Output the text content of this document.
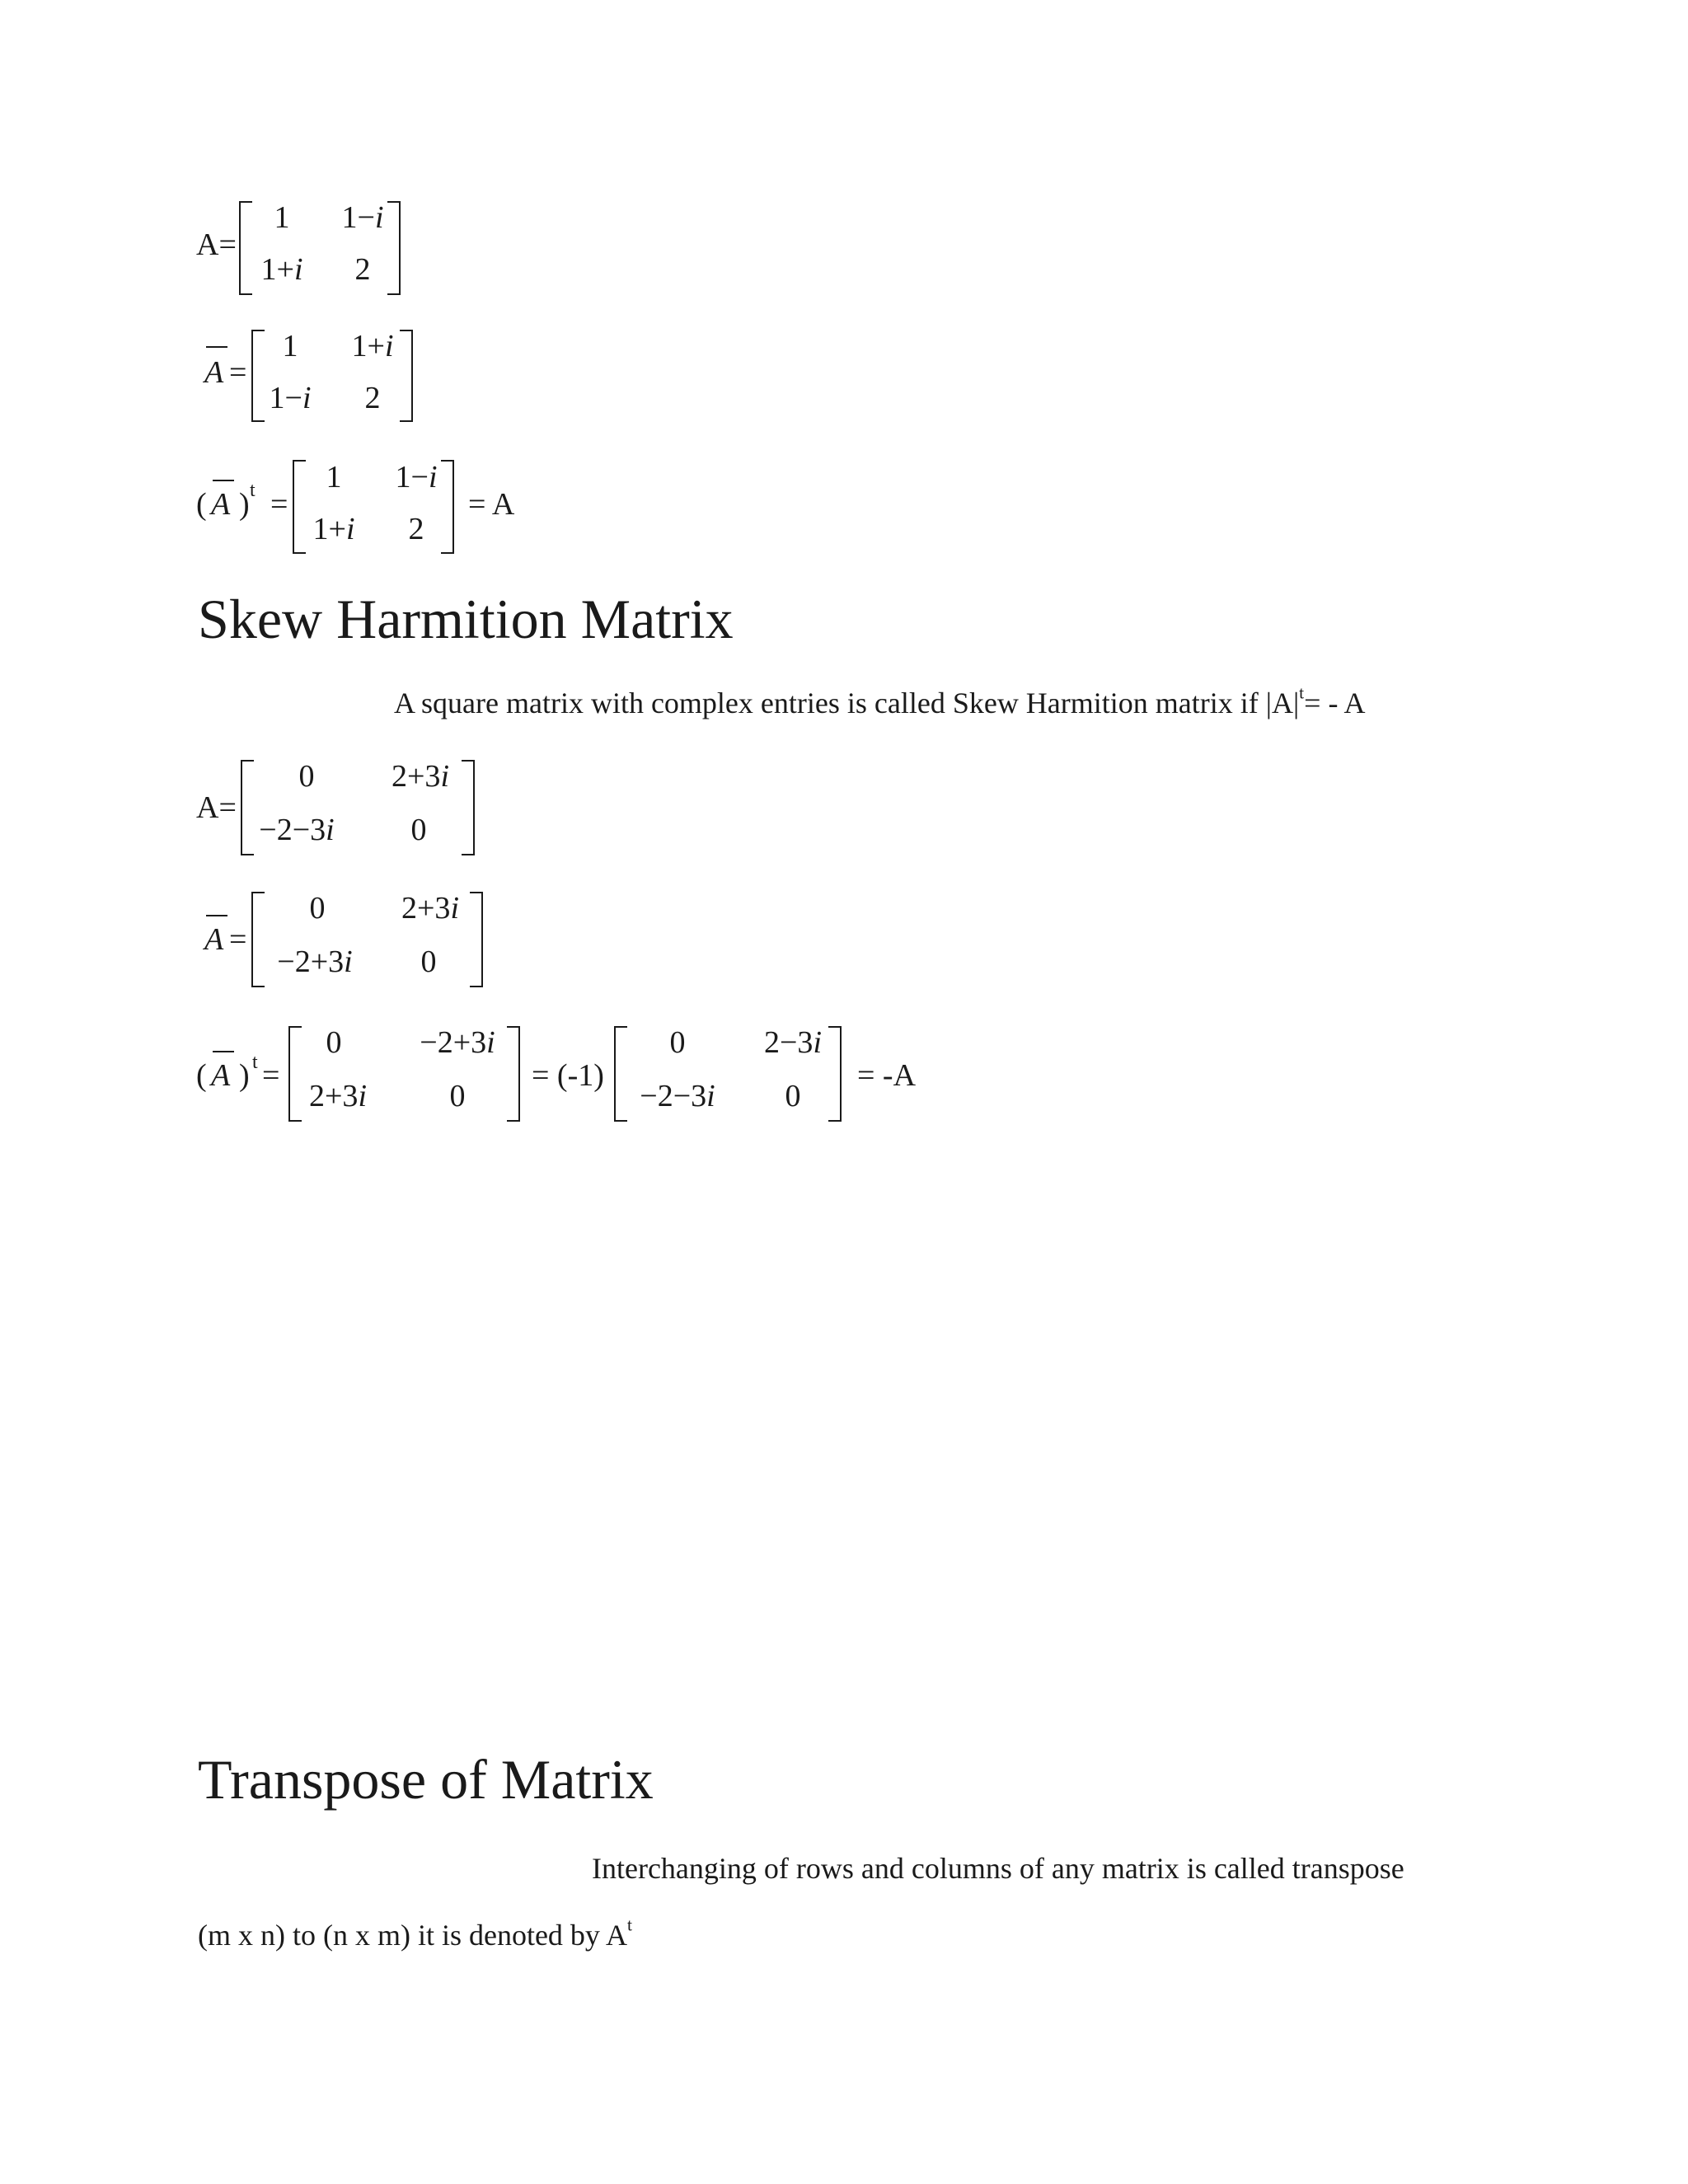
A=
1 1−i
1+i 2
A =
1 1+i
1−i 2
( A ) t =
1 1−i
1+i 2
= A
Skew Harmition Matrix
A square matrix with complex entries is called Skew Harmition matrix if $|A|^t= - A$
A=
0 2+3i
−2−3i 0
A =
0 2+3i
−2+3i 0
( A ) t =
0 −2+3i
2+3i	0
= (-1)
0	2−3i
−2−3i 0
= -A
Transpose of Matrix
Interchanging of rows and columns of any matrix is called transpose
(m x n) to (n x m) it is denoted by $A^t$
